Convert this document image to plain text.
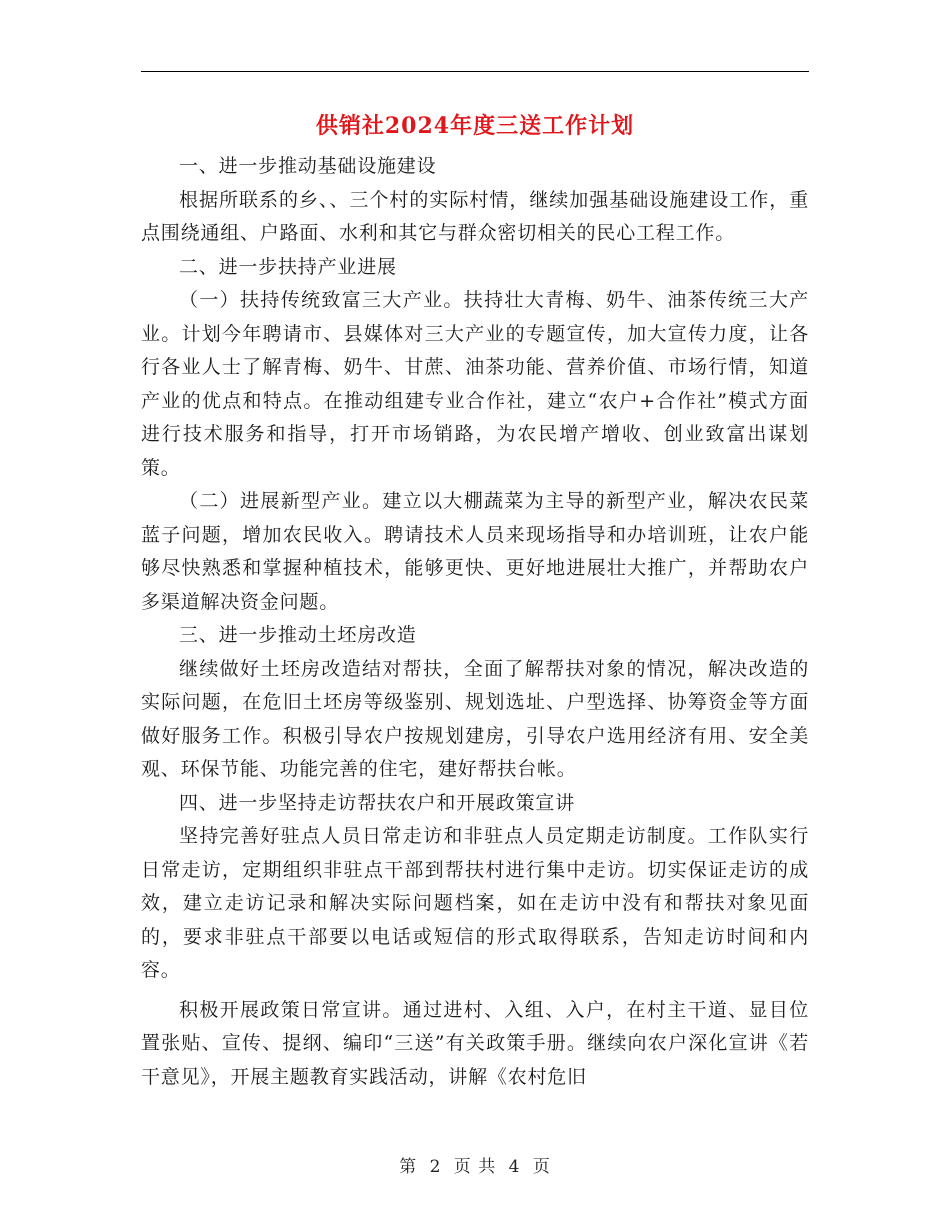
供销社2024年度三送工作计划

一、进一步推动基础设施建设

根据所联系的乡、、三个村的实际村情，继续加强基础设施建设工作，重点围绕通组、户路面、水利和其它与群众密切相关的民心工程工作。

二、进一步扶持产业进展

（一）扶持传统致富三大产业。扶持壮大青梅、奶牛、油茶传统三大产业。计划今年聘请市、县媒体对三大产业的专题宣传，加大宣传力度，让各行各业人士了解青梅、奶牛、甘蔗、油茶功能、营养价值、市场行情，知道产业的优点和特点。在推动组建专业合作社，建立“农户+合作社”模式方面进行技术服务和指导，打开市场销路，为农民增产增收、创业致富出谋划策。

（二）进展新型产业。建立以大棚蔬菜为主导的新型产业，解决农民菜蓝子问题，增加农民收入。聘请技术人员来现场指导和办培训班，让农户能够尽快熟悉和掌握种植技术，能够更快、更好地进展壮大推广，并帮助农户多渠道解决资金问题。

三、进一步推动土坯房改造

继续做好土坯房改造结对帮扶，全面了解帮扶对象的情况，解决改造的实际问题，在危旧土坯房等级鉴别、规划选址、户型选择、协筹资金等方面做好服务工作。积极引导农户按规划建房，引导农户选用经济有用、安全美观、环保节能、功能完善的住宅，建好帮扶台帐。

四、进一步坚持走访帮扶农户和开展政策宣讲

坚持完善好驻点人员日常走访和非驻点人员定期走访制度。工作队实行日常走访，定期组织非驻点干部到帮扶村进行集中走访。切实保证走访的成效，建立走访记录和解决实际问题档案，如在走访中没有和帮扶对象见面的，要求非驻点干部要以电话或短信的形式取得联系，告知走访时间和内容。

积极开展政策日常宣讲。通过进村、入组、入户，在村主干道、显目位置张贴、宣传、提纲、编印“三送”有关政策手册。继续向农户深化宣讲《若干意见》，开展主题教育实践活动，讲解《农村危旧

第 2 页 共 4 页
